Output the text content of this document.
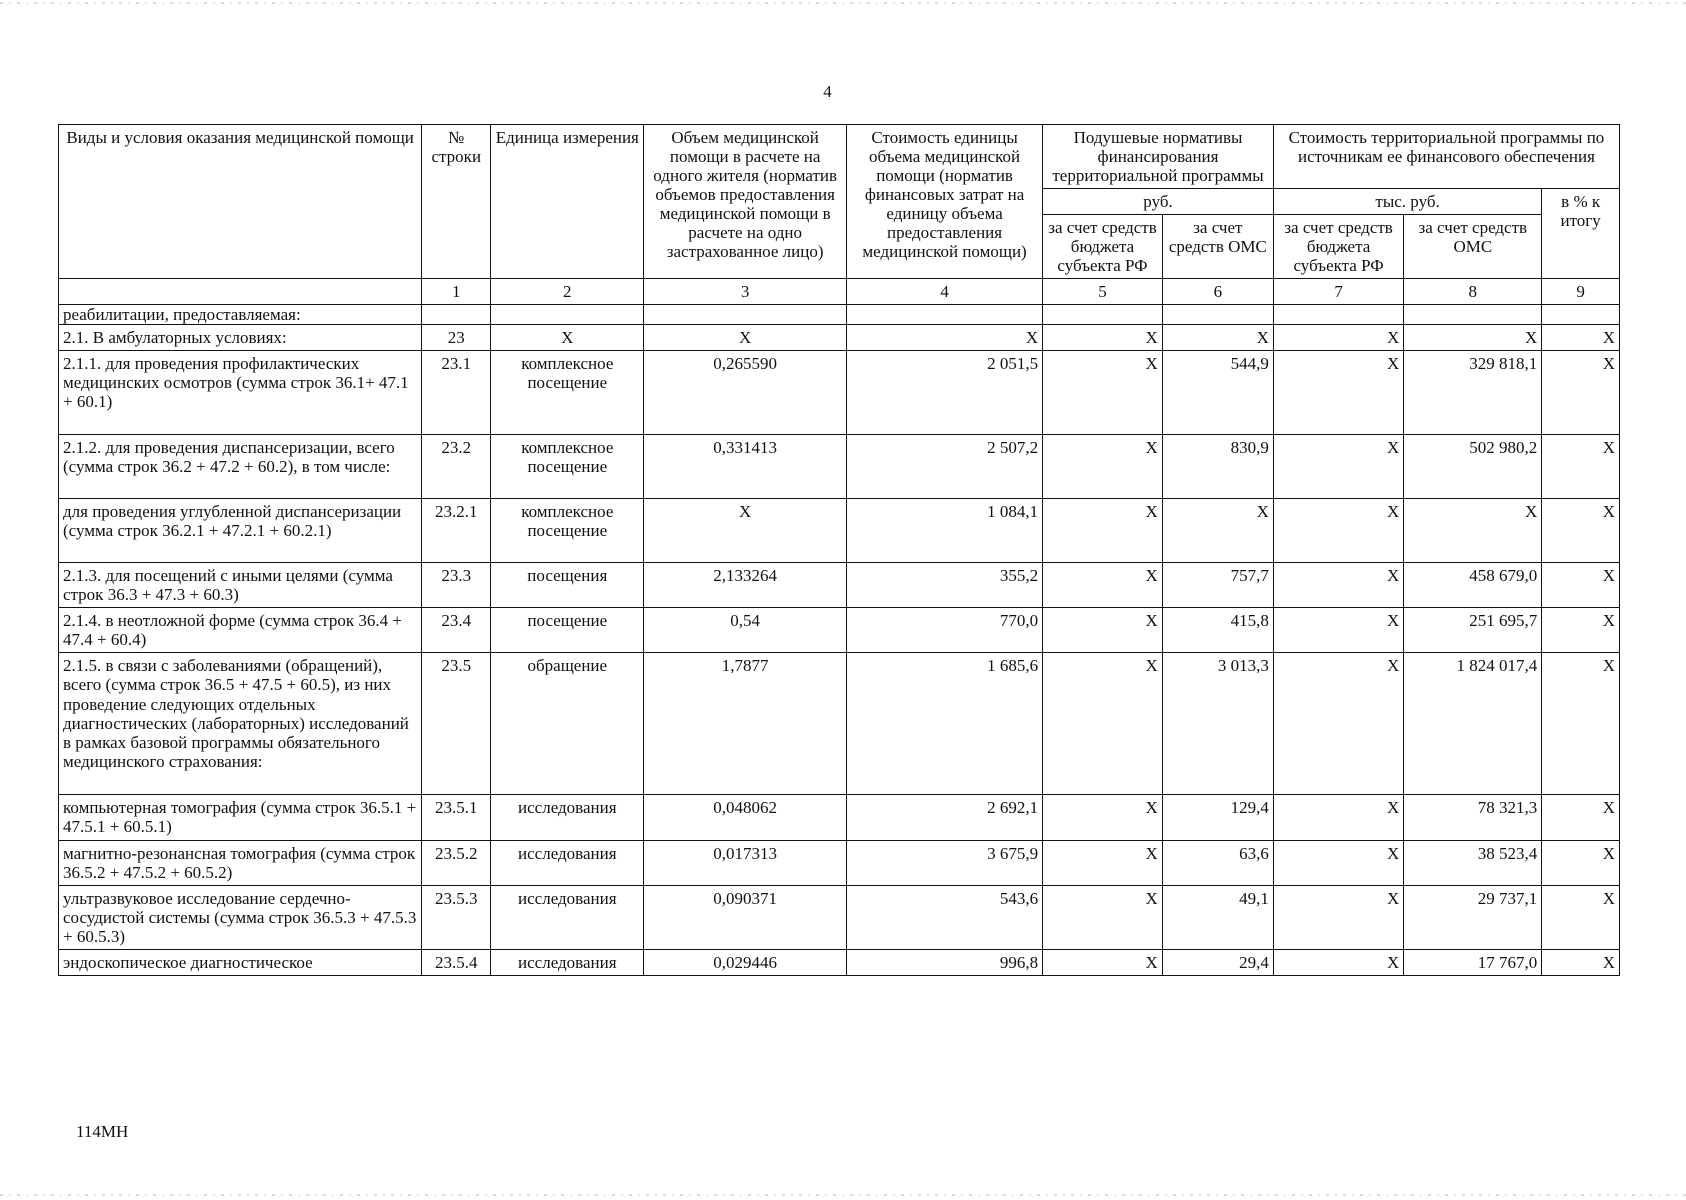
4
Виды и условия оказания медицинской помощи	№ строки	Единица измерения	Объем медицинской помощи в расчете на одного жителя (норматив объемов предоставления медицинской помощи в расчете на одно застрахованное лицо)	Стоимость единицы объема медицинской помощи (норматив финансовых затрат на единицу объема предоставления медицинской помощи)	Подушевые нормативы финансирования территориальной программы		Стоимость территориальной программы по источникам ее финансового обеспечения		
					руб.		тыс. руб.		в % к итогу
					за счет средств бюджета субъекта РФ	за счет средств ОМС	за счет средств бюджета субъекта РФ	за счет средств ОМС	
	1	2	3	4	5	6	7	8	9
реабилитации, предоставляемая:									
2.1. В амбулаторных условиях:	23	Х	Х	Х	Х	Х	Х	Х	Х
2.1.1. для проведения профилактических медицинских осмотров (сумма строк 36.1+ 47.1 + 60.1)	23.1	комплексное посещение	0,265590	2 051,5	Х	544,9	Х	329 818,1	Х
2.1.2. для проведения диспансеризации, всего (сумма строк 36.2 + 47.2 + 60.2), в том числе:	23.2	комплексное посещение	0,331413	2 507,2	Х	830,9	Х	502 980,2	Х
для проведения углубленной диспансеризации (сумма строк 36.2.1 + 47.2.1 + 60.2.1)	23.2.1	комплексное посещение	Х	1 084,1	Х	Х	Х	Х	Х
2.1.3. для посещений с иными целями (сумма строк 36.3 + 47.3 + 60.3)	23.3	посещения	2,133264	355,2	Х	757,7	Х	458 679,0	Х
2.1.4. в неотложной форме (сумма строк 36.4 + 47.4 + 60.4)	23.4	посещение	0,54	770,0	Х	415,8	Х	251 695,7	Х
2.1.5. в связи с заболеваниями (обращений), всего (сумма строк 36.5 + 47.5 + 60.5), из них проведение следующих отдельных диагностических (лабораторных) исследований в рамках базовой программы обязательного медицинского страхования:	23.5	обращение	1,7877	1 685,6	Х	3 013,3	Х	1 824 017,4	Х
компьютерная томография (сумма строк 36.5.1 + 47.5.1 + 60.5.1)	23.5.1	исследования	0,048062	2 692,1	Х	129,4	Х	78 321,3	Х
магнитно-резонансная томография (сумма строк 36.5.2 + 47.5.2 + 60.5.2)	23.5.2	исследования	0,017313	3 675,9	Х	63,6	Х	38 523,4	Х
ультразвуковое исследование сердечно-сосудистой системы (сумма строк 36.5.3 + 47.5.3 + 60.5.3)	23.5.3	исследования	0,090371	543,6	Х	49,1	Х	29 737,1	Х
эндоскопическое диагностическое	23.5.4	исследования	0,029446	996,8	Х	29,4	Х	17 767,0	Х
114МН
